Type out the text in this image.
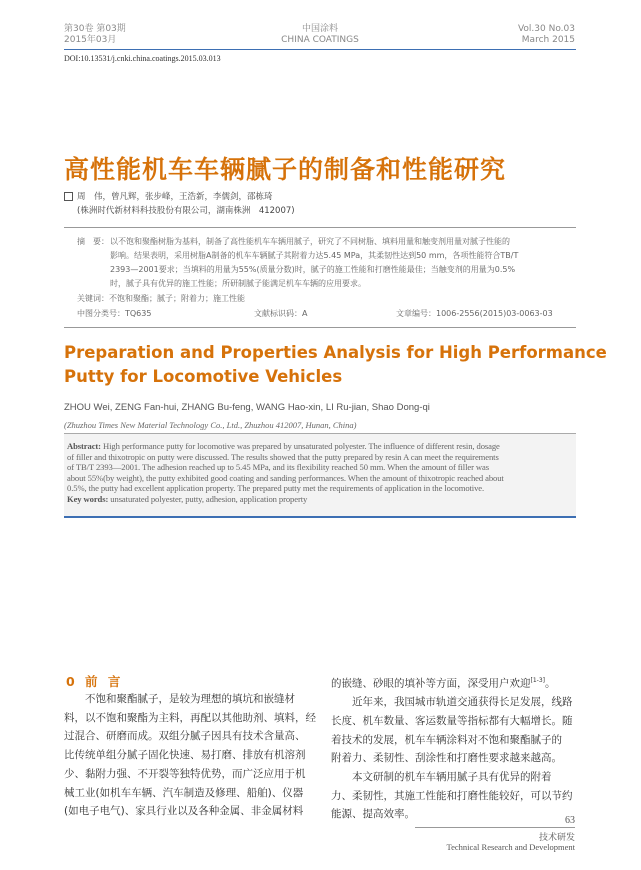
第30卷 第03期
2015年03月
中国涂料
CHINA COATINGS
Vol.30 No.03
March 2015
DOI:10.13531/j.cnki.china.coatings.2015.03.013
高性能机车车辆腻子的制备和性能研究
周　伟，曾凡辉，张步峰，王浩新，李儒剑，邵栋琦
(株洲时代新材料科技股份有限公司，湖南株洲　412007)
摘　要： 以不饱和聚酯树脂为基料，制备了高性能机车车辆用腻子，研究了不同树脂、填料用量和触变剂用量对腻子性能的
影响。结果表明，采用树脂A制备的机车车辆腻子其附着力达5.45 MPa，其柔韧性达到50 mm，各项性能符合TB/T
2393—2001要求；当填料的用量为55%(质量分数)时，腻子的施工性能和打磨性能最佳；当触变剂的用量为0.5%
时，腻子具有优异的施工性能；所研制腻子能满足机车车辆的应用要求。
关键词：不饱和聚酯；腻子；附着力；施工性能
中图分类号：TQ635	文献标识码：A	文章编号：1006-2556(2015)03-0063-03
Preparation and Properties Analysis for High Performance
Putty for Locomotive Vehicles
ZHOU Wei, ZENG Fan-hui, ZHANG Bu-feng, WANG Hao-xin, LI Ru-jian, Shao Dong-qi
(Zhuzhou Times New Material Technology Co., Ltd., Zhuzhou 412007, Hunan, China)
Abstract: High performance putty for locomotive was prepared by unsaturated polyester. The influence of different resin, dosage
of filler and thixotropic on putty were discussed. The results showed that the putty prepared by resin A can meet the requirements
of TB/T 2393—2001. The adhesion reached up to 5.45 MPa, and its flexibility reached 50 mm. When the amount of filler was
about 55%(by weight), the putty exhibited good coating and sanding performances. When the amount of thixotropic reached about
0.5%, the putty had excellent application property. The prepared putty met the requirements of application in the locomotive.
Key words: unsaturated polyester, putty, adhesion, application property
0 前 言
　　不饱和聚酯腻子，是较为理想的填坑和嵌缝材
料，以不饱和聚酯为主料，再配以其他助剂、填料，经
过混合、研磨而成。双组分腻子因具有技术含量高、
比传统单组分腻子固化快速、易打磨、排放有机溶剂
少、黏附力强、不开裂等独特优势，而广泛应用于机
械工业(如机车车辆、汽车制造及修理、船舶)、仪器
(如电子电气)、家具行业以及各种金属、非金属材料
的嵌缝、砂眼的填补等方面，深受用户欢迎[1-3]。
　　近年来，我国城市轨道交通获得长足发展，线路
长度、机车数量、客运数量等指标都有大幅增长。随
着技术的发展，机车车辆涂料对不饱和聚酯腻子的
附着力、柔韧性、刮涂性和打磨性要求越来越高。
　　本文研制的机车车辆用腻子具有优异的附着
力、柔韧性，其施工性能和打磨性能较好，可以节约
能源、提高效率。
63
技术研发
Technical Research and Development
